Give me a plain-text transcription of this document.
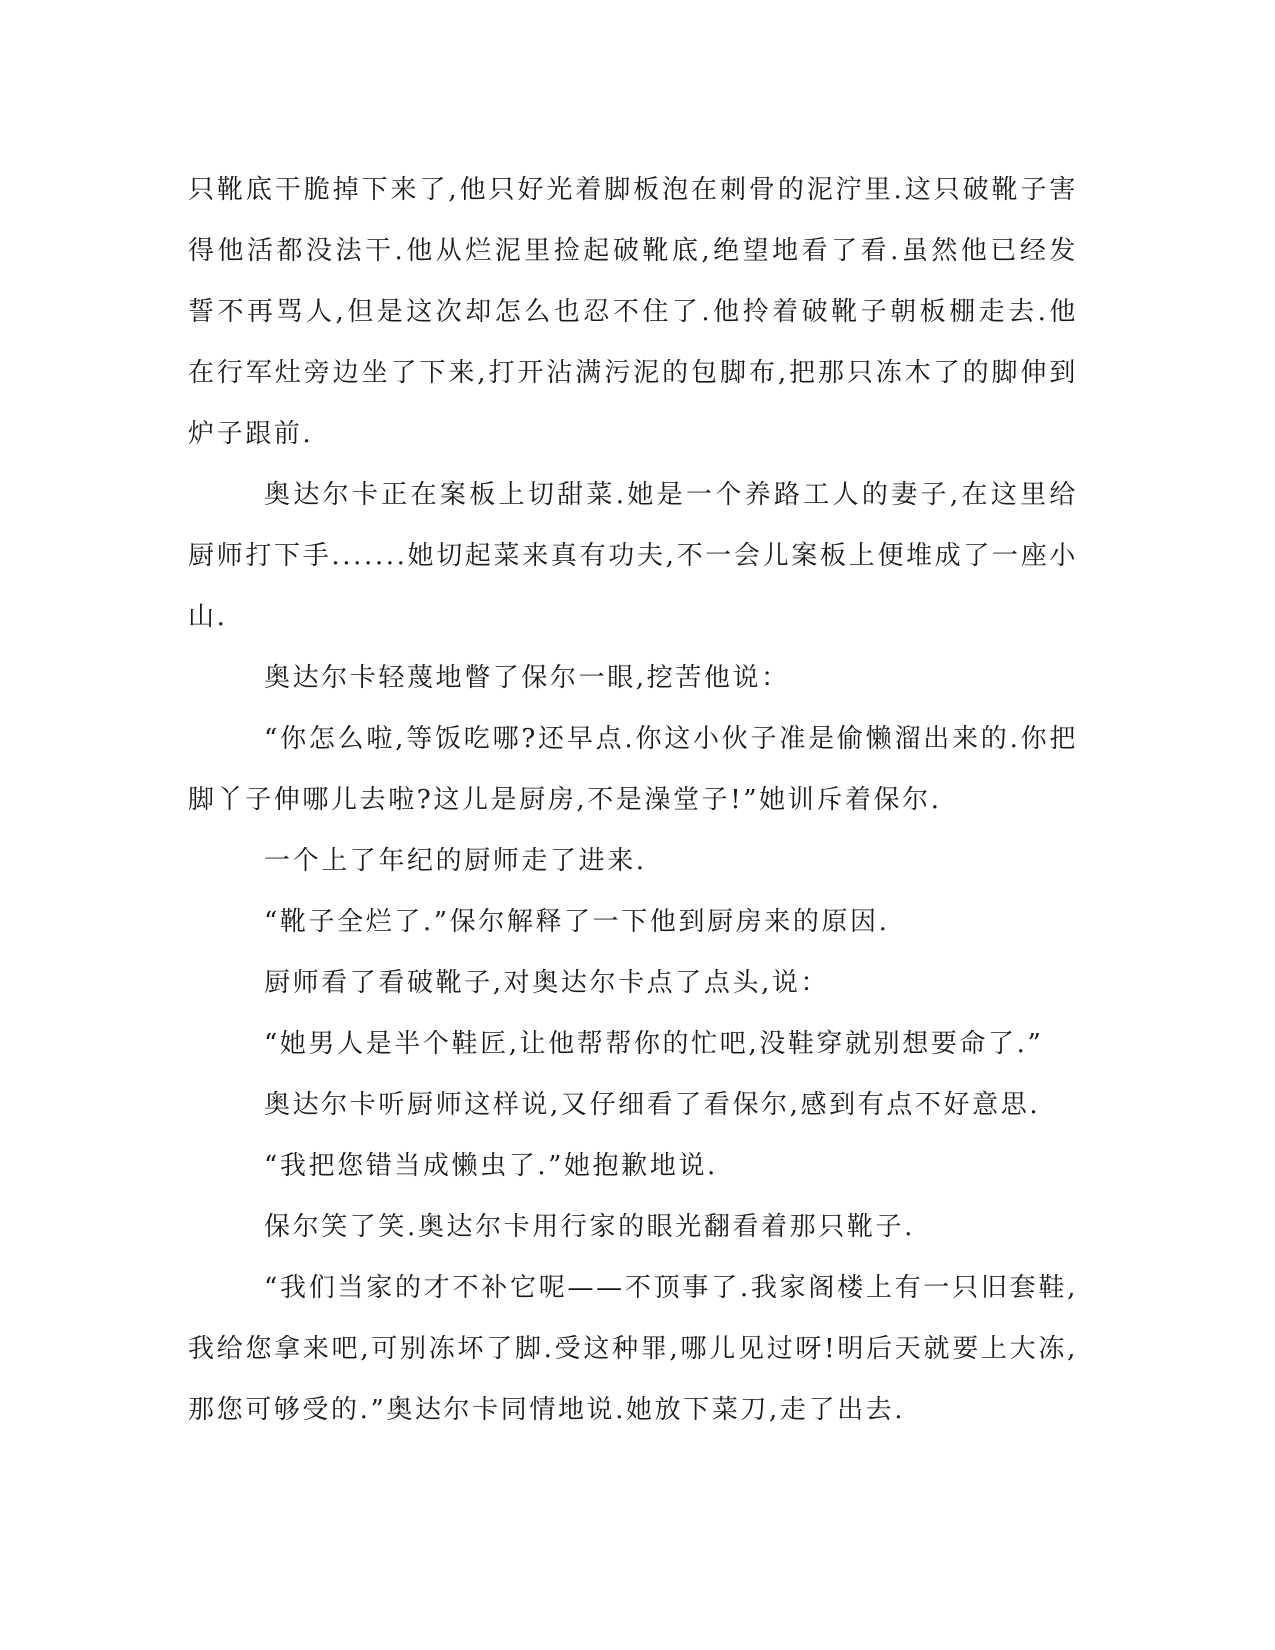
只靴底干脆掉下来了,他只好光着脚板泡在刺骨的泥泞里.这只破靴子害得他活都没法干.他从烂泥里捡起破靴底,绝望地看了看.虽然他已经发誓不再骂人,但是这次却怎么也忍不住了.他拎着破靴子朝板棚走去.他在行军灶旁边坐了下来,打开沾满污泥的包脚布,把那只冻木了的脚伸到炉子跟前.

奥达尔卡正在案板上切甜菜.她是一个养路工人的妻子,在这里给厨师打下手.......她切起菜来真有功夫,不一会儿案板上便堆成了一座小山.

奥达尔卡轻蔑地瞥了保尔一眼,挖苦他说：

“你怎么啦,等饭吃哪?还早点.你这小伙子准是偷懒溜出来的.你把脚丫子伸哪儿去啦?这儿是厨房,不是澡堂子!”她训斥着保尔.

一个上了年纪的厨师走了进来.

“靴子全烂了.”保尔解释了一下他到厨房来的原因.

厨师看了看破靴子,对奥达尔卡点了点头,说：

“她男人是半个鞋匠,让他帮帮你的忙吧,没鞋穿就别想要命了.”

奥达尔卡听厨师这样说,又仔细看了看保尔,感到有点不好意思.

“我把您错当成懒虫了.”她抱歉地说.

保尔笑了笑.奥达尔卡用行家的眼光翻看着那只靴子.

“我们当家的才不补它呢——不顶事了.我家阁楼上有一只旧套鞋,我给您拿来吧,可别冻坏了脚.受这种罪,哪儿见过呀!明后天就要上大冻,那您可够受的.”奥达尔卡同情地说.她放下菜刀,走了出去.
